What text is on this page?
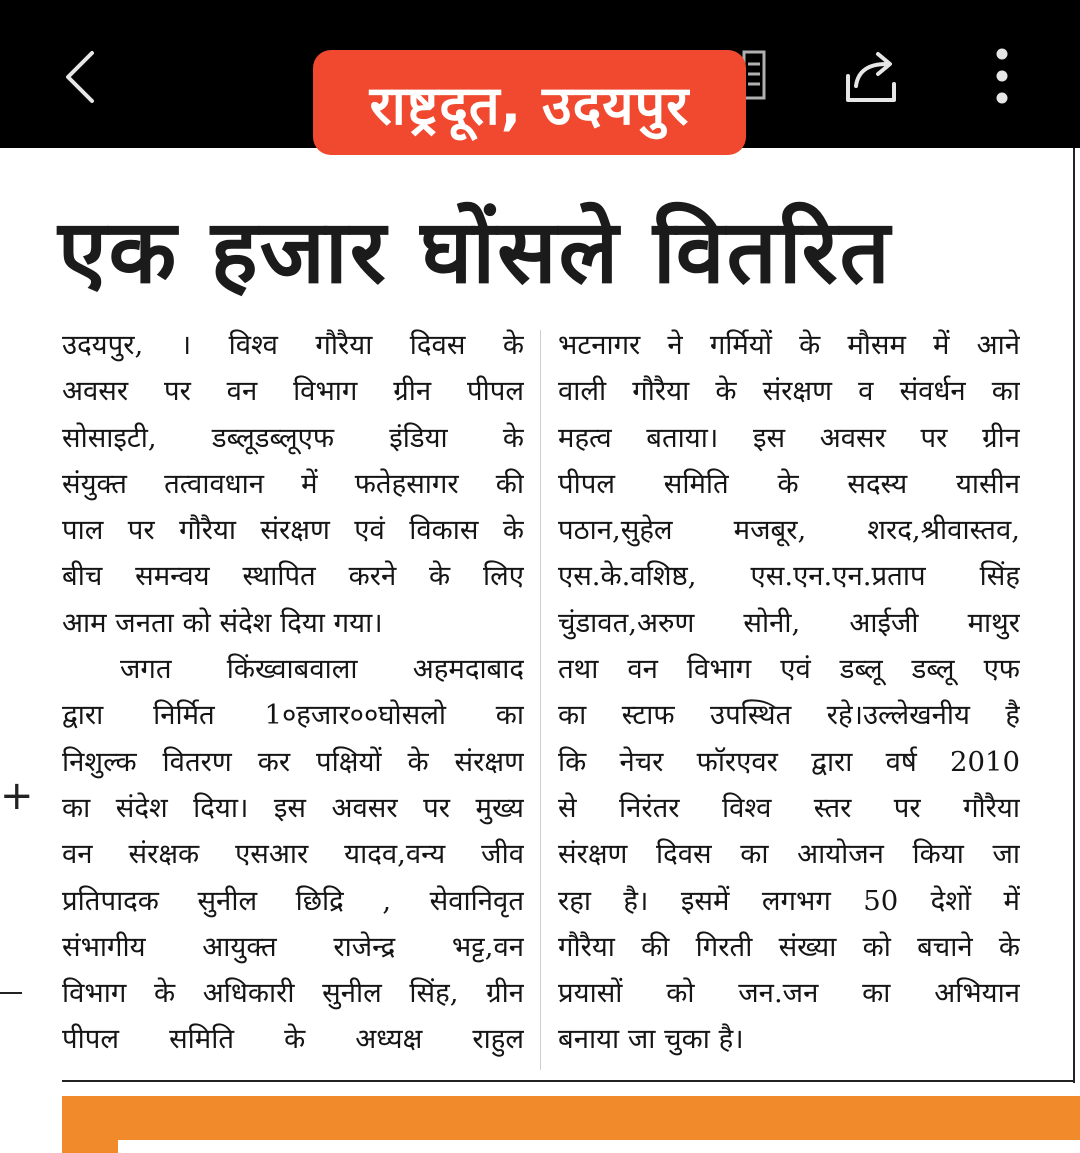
राष्ट्रदूत, उदयपुर
एक हजार घोंसले वितरित
उदयपुर, । विश्व गौरैया दिवस के
अवसर पर वन विभाग ग्रीन पीपल
सोसाइटी, डब्लूडब्लूएफ इंडिया के
संयुक्त तत्वावधान में फतेहसागर की
पाल पर गौरैया संरक्षण एवं विकास के
बीच समन्वय स्थापित करने के लिए
आम जनता को संदेश दिया गया।
जगत किंख्वाबवाला अहमदाबाद
द्वारा निर्मित 1०हजार००घोसलो का
निशुल्क वितरण कर पक्षियों के संरक्षण
का संदेश दिया। इस अवसर पर मुख्य
वन संरक्षक एसआर यादव,वन्य जीव
प्रतिपादक सुनील छिद्रि , सेवानिवृत
संभागीय आयुक्त राजेन्द्र भट्ट,वन
विभाग के अधिकारी सुनील सिंह, ग्रीन
पीपल समिति के अध्यक्ष राहुल
भटनागर ने गर्मियों के मौसम में आने
वाली गौरैया के संरक्षण व संवर्धन का
महत्व बताया। इस अवसर पर ग्रीन
पीपल समिति के सदस्य यासीन
पठान,सुहेल मजबूर, शरद,श्रीवास्तव,
एस.के.वशिष्ठ, एस.एन.एन.प्रताप सिंह
चुंडावत,अरुण सोनी, आईजी माथुर
तथा वन विभाग एवं डब्लू डब्लू एफ
का स्टाफ उपस्थित रहे।उल्लेखनीय है
कि नेचर फॉरएवर द्वारा वर्ष 2010
से निरंतर विश्व स्तर पर गौरैया
संरक्षण दिवस का आयोजन किया जा
रहा है। इसमें लगभग 50 देशों में
गौरैया की गिरती संख्या को बचाने के
प्रयासों को जन.जन का अभियान
बनाया जा चुका है।
+
